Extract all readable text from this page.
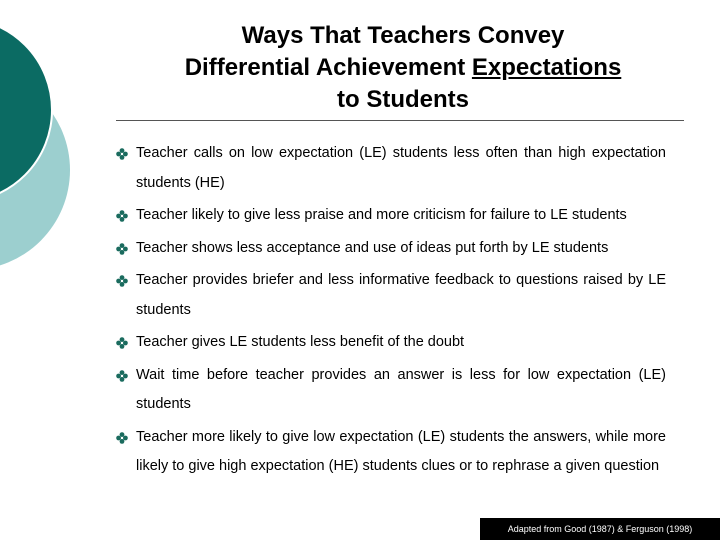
Ways That Teachers Convey
Differential Achievement Expectations
to Students
Teacher calls on low expectation (LE) students less often than high expectation students (HE)
Teacher likely to give less praise and more criticism for failure to LE students
Teacher shows less acceptance and use of ideas put forth by LE students
Teacher provides briefer and less informative feedback to questions raised by LE students
Teacher gives LE students less benefit of the doubt
Wait time before teacher provides an answer is less for low expectation (LE) students
Teacher more likely to give low expectation (LE) students the answers, while more likely to give high expectation (HE) students clues or to rephrase a given question
Adapted from Good (1987) & Ferguson (1998)
